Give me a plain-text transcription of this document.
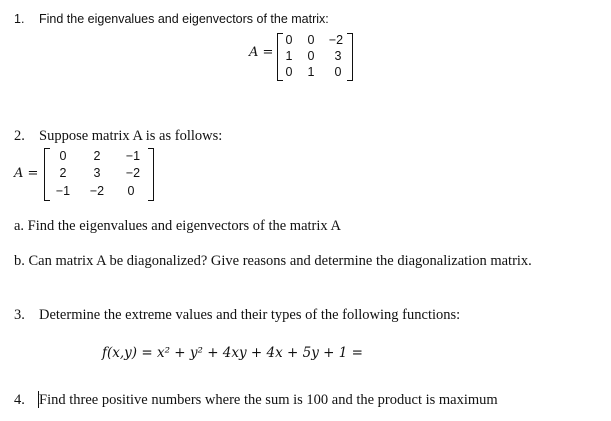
1. Find the eigenvalues and eigenvectors of the matrix:
A =
0	0	−2
1	0	3
0	1	0
2. Suppose matrix A is as follows:
A =
0	2	−1
2	3	−2
−1	−2	0
a. Find the eigenvalues and eigenvectors of the matrix A
b. Can matrix A be diagonalized? Give reasons and determine the diagonalization matrix.
3. Determine the extreme values and their types of the following functions:
f(x,y) = x² + y² + 4xy + 4x + 5y + 1 =
4. Find three positive numbers where the sum is 100 and the product is maximum
